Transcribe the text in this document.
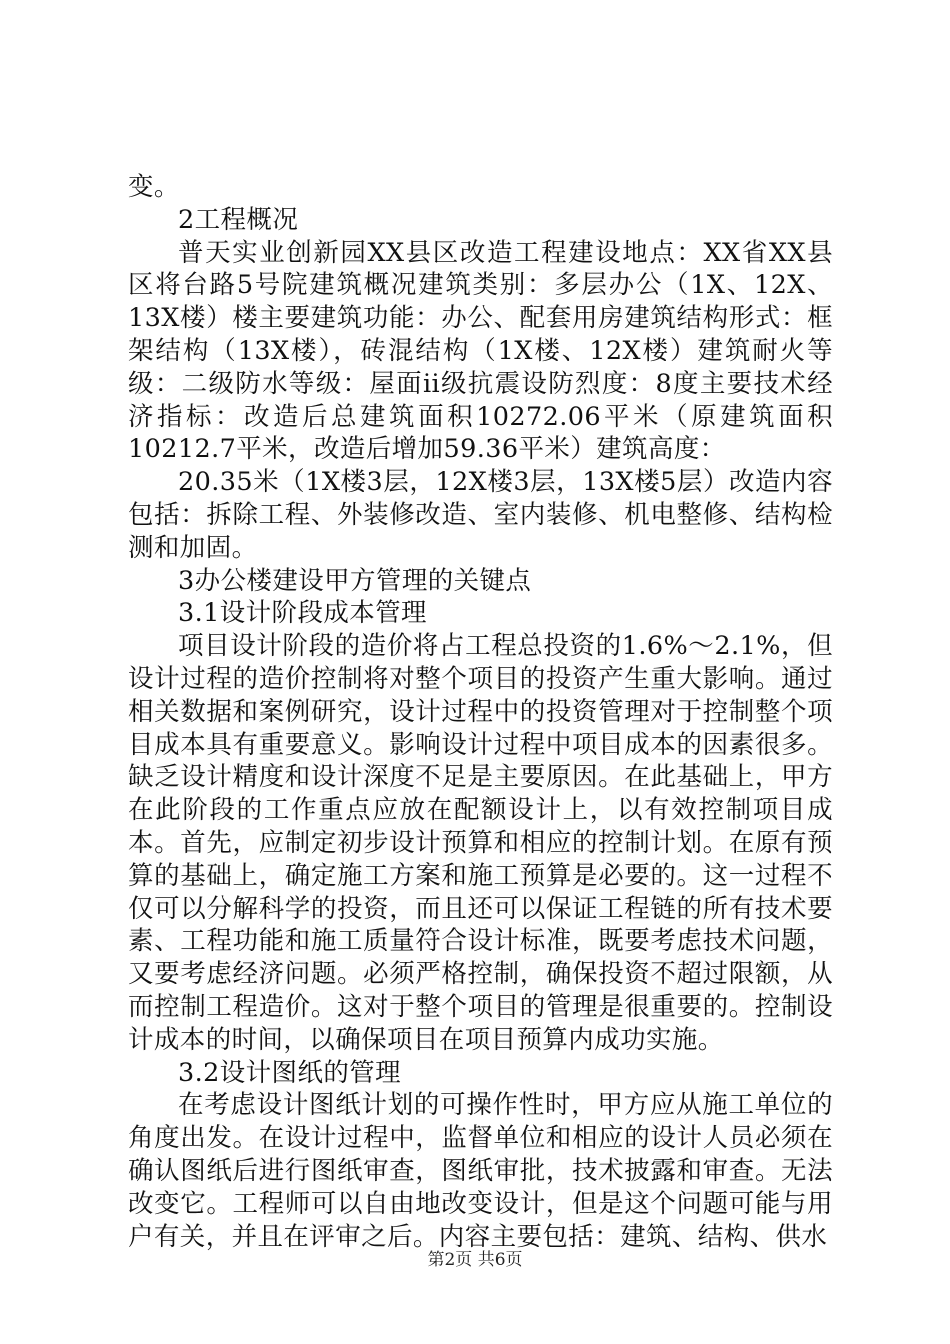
变。

2工程概况

普天实业创新园XX县区改造工程建设地点：XX省XX县区将台路5号院建筑概况建筑类别：多层办公（1X、12X、13X楼）楼主要建筑功能：办公、配套用房建筑结构形式：框架结构（13X楼），砖混结构（1X楼、12X楼）建筑耐火等级：二级防水等级：屋面ii级抗震设防烈度：8度主要技术经济指标：改造后总建筑面积10272.06平米（原建筑面积10212.7平米，改造后增加59.36平米）建筑高度：

20.35米（1X楼3层，12X楼3层，13X楼5层）改造内容包括：拆除工程、外装修改造、室内装修、机电整修、结构检测和加固。

3办公楼建设甲方管理的关键点

3.1设计阶段成本管理

项目设计阶段的造价将占工程总投资的1.6%～2.1%，但设计过程的造价控制将对整个项目的投资产生重大影响。通过相关数据和案例研究，设计过程中的投资管理对于控制整个项目成本具有重要意义。影响设计过程中项目成本的因素很多。缺乏设计精度和设计深度不足是主要原因。在此基础上，甲方在此阶段的工作重点应放在配额设计上，以有效控制项目成本。首先，应制定初步设计预算和相应的控制计划。在原有预算的基础上，确定施工方案和施工预算是必要的。这一过程不仅可以分解科学的投资，而且还可以保证工程链的所有技术要素、工程功能和施工质量符合设计标准，既要考虑技术问题，又要考虑经济问题。必须严格控制，确保投资不超过限额，从而控制工程造价。这对于整个项目的管理是很重要的。控制设计成本的时间，以确保项目在项目预算内成功实施。

3.2设计图纸的管理

在考虑设计图纸计划的可操作性时，甲方应从施工单位的角度出发。在设计过程中，监督单位和相应的设计人员必须在确认图纸后进行图纸审查，图纸审批，技术披露和审查。无法改变它。工程师可以自由地改变设计，但是这个问题可能与用户有关，并且在评审之后。内容主要包括：建筑、结构、供水

第2页 共6页
